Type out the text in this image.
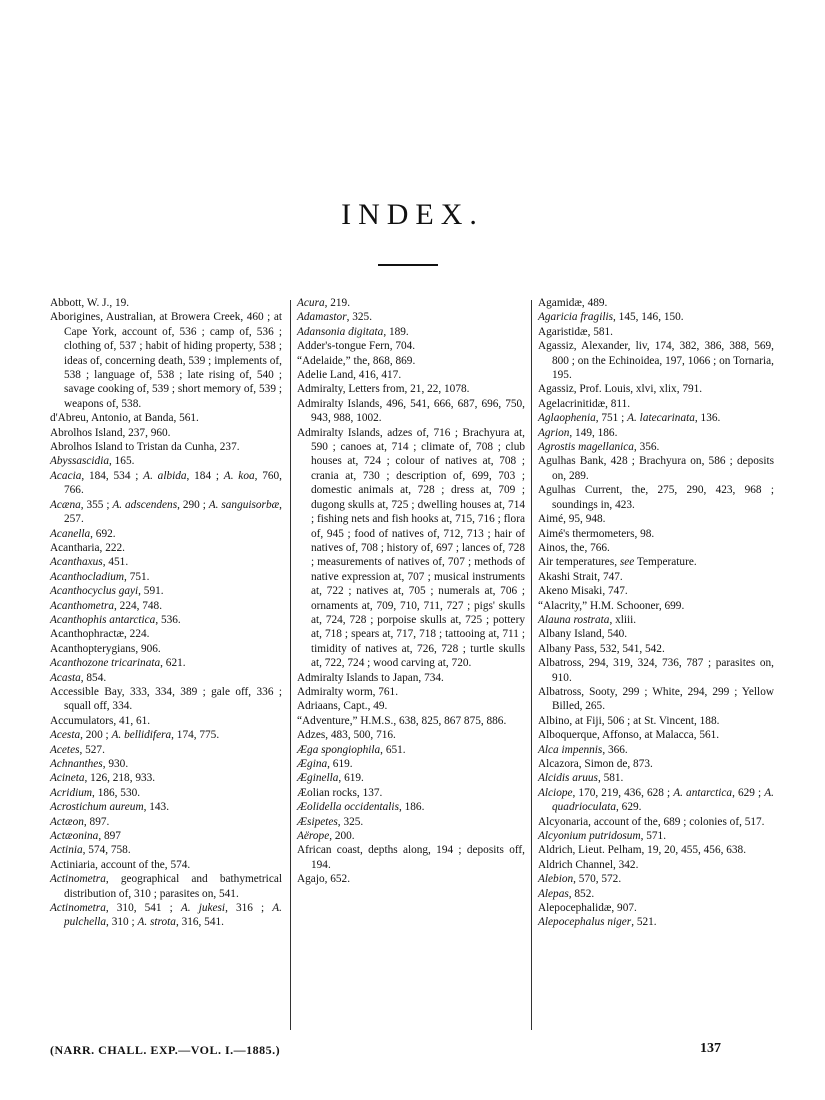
INDEX.

Abbott, W. J., 19.

Aborigines, Australian, at Browera Creek, 460 ; at Cape York, account of, 536 ; camp of, 536 ; clothing of, 537 ; habit of hiding property, 538 ; ideas of, concerning death, 539 ; implements of, 538 ; language of, 538 ; late rising of, 540 ; savage cooking of, 539 ; short memory of, 539 ; weapons of, 538.

d'Abreu, Antonio, at Banda, 561.

Abrolhos Island, 237, 960.

Abrolhos Island to Tristan da Cunha, 237.

Abyssascidia, 165.

Acacia, 184, 534 ; A. albida, 184 ; A. koa, 760, 766.

Acæna, 355 ; A. adscendens, 290 ; A. sanguisorbæ, 257.

Acanella, 692.

Acantharia, 222.

Acanthaxus, 451.

Acanthocladium, 751.

Acanthocyclus gayi, 591.

Acanthometra, 224, 748.

Acanthophis antarctica, 536.

Acanthophractæ, 224.

Acanthopterygians, 906.

Acanthozone tricarinata, 621.

Acasta, 854.

Accessible Bay, 333, 334, 389 ; gale off, 336 ; squall off, 334.

Accumulators, 41, 61.

Acesta, 200 ; A. bellidifera, 174, 775.

Acetes, 527.

Achnanthes, 930.

Acineta, 126, 218, 933.

Acridium, 186, 530.

Acrostichum aureum, 143.

Actæon, 897.

Actæonina, 897

Actinia, 574, 758.

Actiniaria, account of the, 574.

Actinometra, geographical and bathymetrical distribution of, 310 ; parasites on, 541.

Actinometra, 310, 541 ; A. jukesi, 316 ; A. pulchella, 310 ; A. strota, 316, 541.

Acura, 219.

Adamastor, 325.

Adansonia digitata, 189.

Adder's-tongue Fern, 704.

“Adelaide,” the, 868, 869.

Adelie Land, 416, 417.

Admiralty, Letters from, 21, 22, 1078.

Admiralty Islands, 496, 541, 666, 687, 696, 750, 943, 988, 1002.

Admiralty Islands, adzes of, 716 ; Brachyura at, 590 ; canoes at, 714 ; climate of, 708 ; club houses at, 724 ; colour of natives at, 708 ; crania at, 730 ; description of, 699, 703 ; domestic animals at, 728 ; dress at, 709 ; dugong skulls at, 725 ; dwelling houses at, 714 ; fishing nets and fish hooks at, 715, 716 ; flora of, 945 ; food of natives of, 712, 713 ; hair of natives of, 708 ; history of, 697 ; lances of, 728 ; measurements of natives of, 707 ; methods of native expression at, 707 ; musical instruments at, 722 ; natives at, 705 ; numerals at, 706 ; ornaments at, 709, 710, 711, 727 ; pigs' skulls at, 724, 728 ; porpoise skulls at, 725 ; pottery at, 718 ; spears at, 717, 718 ; tattooing at, 711 ; timidity of natives at, 726, 728 ; turtle skulls at, 722, 724 ; wood carving at, 720.

Admiralty Islands to Japan, 734.

Admiralty worm, 761.

Adriaans, Capt., 49.

“Adventure,” H.M.S., 638, 825, 867 875, 886.

Adzes, 483, 500, 716.

Æga spongiophila, 651.

Ægina, 619.

Æginella, 619.

Æolian rocks, 137.

Æolidella occidentalis, 186.

Æsipetes, 325.

Aërope, 200.

African coast, depths along, 194 ; deposits off, 194.

Agajo, 652.

Agamidæ, 489.

Agaricia fragilis, 145, 146, 150.

Agaristidæ, 581.

Agassiz, Alexander, liv, 174, 382, 386, 388, 569, 800 ; on the Echinoidea, 197, 1066 ; on Tornaria, 195.

Agassiz, Prof. Louis, xlvi, xlix, 791.

Agelacrinitidæ, 811.

Aglaophenia, 751 ; A. latecarinata, 136.

Agrion, 149, 186.

Agrostis magellanica, 356.

Agulhas Bank, 428 ; Brachyura on, 586 ; deposits on, 289.

Agulhas Current, the, 275, 290, 423, 968 ; soundings in, 423.

Aimé, 95, 948.

Aimé's thermometers, 98.

Ainos, the, 766.

Air temperatures, see Temperature.

Akashi Strait, 747.

Akeno Misaki, 747.

“Alacrity,” H.M. Schooner, 699.

Alauna rostrata, xliii.

Albany Island, 540.

Albany Pass, 532, 541, 542.

Albatross, 294, 319, 324, 736, 787 ; parasites on, 910.

Albatross, Sooty, 299 ; White, 294, 299 ; Yellow Billed, 265.

Albino, at Fiji, 506 ; at St. Vincent, 188.

Alboquerque, Affonso, at Malacca, 561.

Alca impennis, 366.

Alcazora, Simon de, 873.

Alcidis aruus, 581.

Alciope, 170, 219, 436, 628 ; A. antarctica, 629 ; A. quadrioculata, 629.

Alcyonaria, account of the, 689 ; colonies of, 517.

Alcyonium putridosum, 571.

Aldrich, Lieut. Pelham, 19, 20, 455, 456, 638.

Aldrich Channel, 342.

Alebion, 570, 572.

Alepas, 852.

Alepocephalidæ, 907.

Alepocephalus niger, 521.

(NARR. CHALL. EXP.—VOL. I.—1885.)	137
